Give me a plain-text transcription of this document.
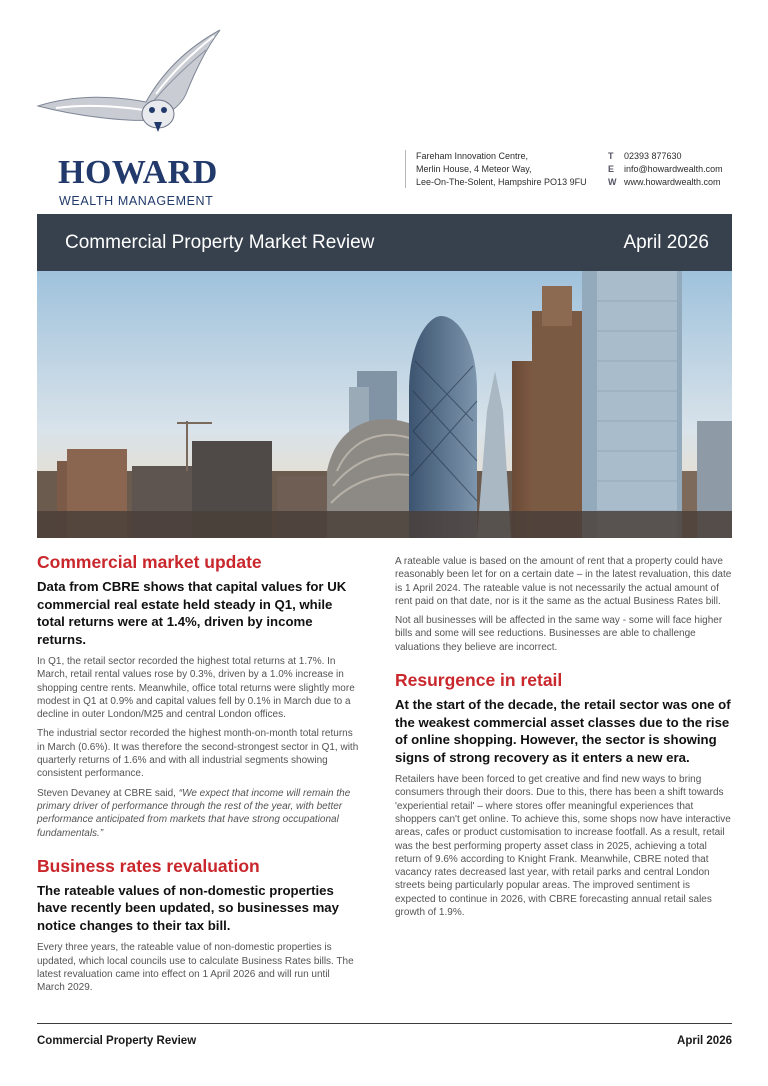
HOWARD
WEALTH MANAGEMENT
Fareham Innovation Centre,
Merlin House, 4 Meteor Way,
Lee-On-The-Solent, Hampshire PO13 9FU
T 02393 877630
E info@howardwealth.com
W www.howardwealth.com
Commercial Property Market Review	April 2026
Commercial market update
Data from CBRE shows that capital values for UK commercial real estate held steady in Q1, while total returns were at 1.4%, driven by income returns.

In Q1, the retail sector recorded the highest total returns at 1.7%. In March, retail rental values rose by 0.3%, driven by a 1.0% increase in shopping centre rents. Meanwhile, office total returns were slightly more modest in Q1 at 0.9% and capital values fell by 0.1% in March due to a decline in outer London/M25 and central London offices.

The industrial sector recorded the highest month-on-month total returns in March (0.6%). It was therefore the second-strongest sector in Q1, with quarterly returns of 1.6% and with all industrial segments showing consistent performance.

Steven Devaney at CBRE said, “We expect that income will remain the primary driver of performance through the rest of the year, with better performance anticipated from markets that have strong occupational fundamentals.”

Business rates revaluation
The rateable values of non-domestic properties have recently been updated, so businesses may notice changes to their tax bill.

Every three years, the rateable value of non-domestic properties is updated, which local councils use to calculate Business Rates bills. The latest revaluation came into effect on 1 April 2026 and will run until March 2029.

A rateable value is based on the amount of rent that a property could have reasonably been let for on a certain date – in the latest revaluation, this date is 1 April 2024. The rateable value is not necessarily the actual amount of rent paid on that date, nor is it the same as the actual Business Rates bill.

Not all businesses will be affected in the same way - some will face higher bills and some will see reductions. Businesses are able to challenge valuations they believe are incorrect.

Resurgence in retail
At the start of the decade, the retail sector was one of the weakest commercial asset classes due to the rise of online shopping. However, the sector is showing signs of strong recovery as it enters a new era.

Retailers have been forced to get creative and find new ways to bring consumers through their doors. Due to this, there has been a shift towards 'experiential retail' – where stores offer meaningful experiences that shoppers can't get online. To achieve this, some shops now have interactive areas, cafes or product customisation to increase footfall. As a result, retail was the best performing property asset class in 2025, achieving a total return of 9.6% according to Knight Frank. Meanwhile, CBRE noted that vacancy rates decreased last year, with retail parks and central London streets being particularly popular areas. The improved sentiment is expected to continue in 2026, with CBRE forecasting annual retail sales growth of 1.9%.

Commercial Property Review	April 2026
